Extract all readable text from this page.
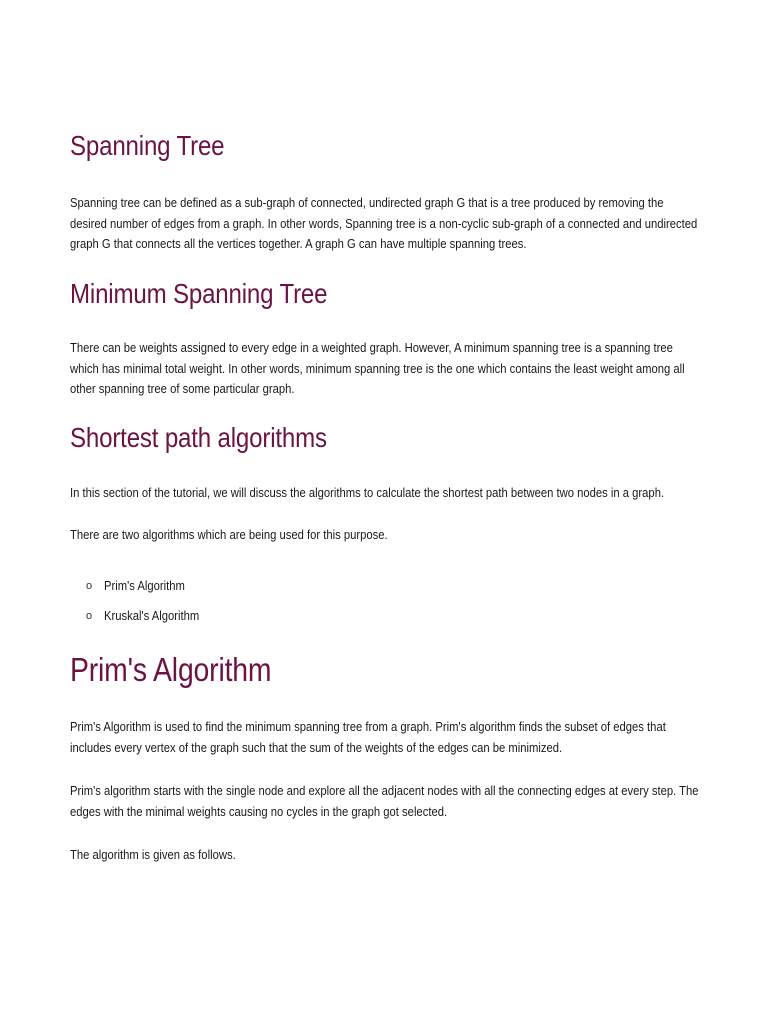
Spanning Tree

Spanning tree can be defined as a sub-graph of connected, undirected graph G that is a tree produced by removing the desired number of edges from a graph. In other words, Spanning tree is a non-cyclic sub-graph of a connected and undirected graph G that connects all the vertices together. A graph G can have multiple spanning trees.

Minimum Spanning Tree

There can be weights assigned to every edge in a weighted graph. However, A minimum spanning tree is a spanning tree which has minimal total weight. In other words, minimum spanning tree is the one which contains the least weight among all other spanning tree of some particular graph.

Shortest path algorithms

In this section of the tutorial, we will discuss the algorithms to calculate the shortest path between two nodes in a graph.

There are two algorithms which are being used for this purpose.

o Prim's Algorithm
o Kruskal's Algorithm
Prim's Algorithm

Prim's Algorithm is used to find the minimum spanning tree from a graph. Prim's algorithm finds the subset of edges that includes every vertex of the graph such that the sum of the weights of the edges can be minimized.

Prim's algorithm starts with the single node and explore all the adjacent nodes with all the connecting edges at every step. The edges with the minimal weights causing no cycles in the graph got selected.

The algorithm is given as follows.
